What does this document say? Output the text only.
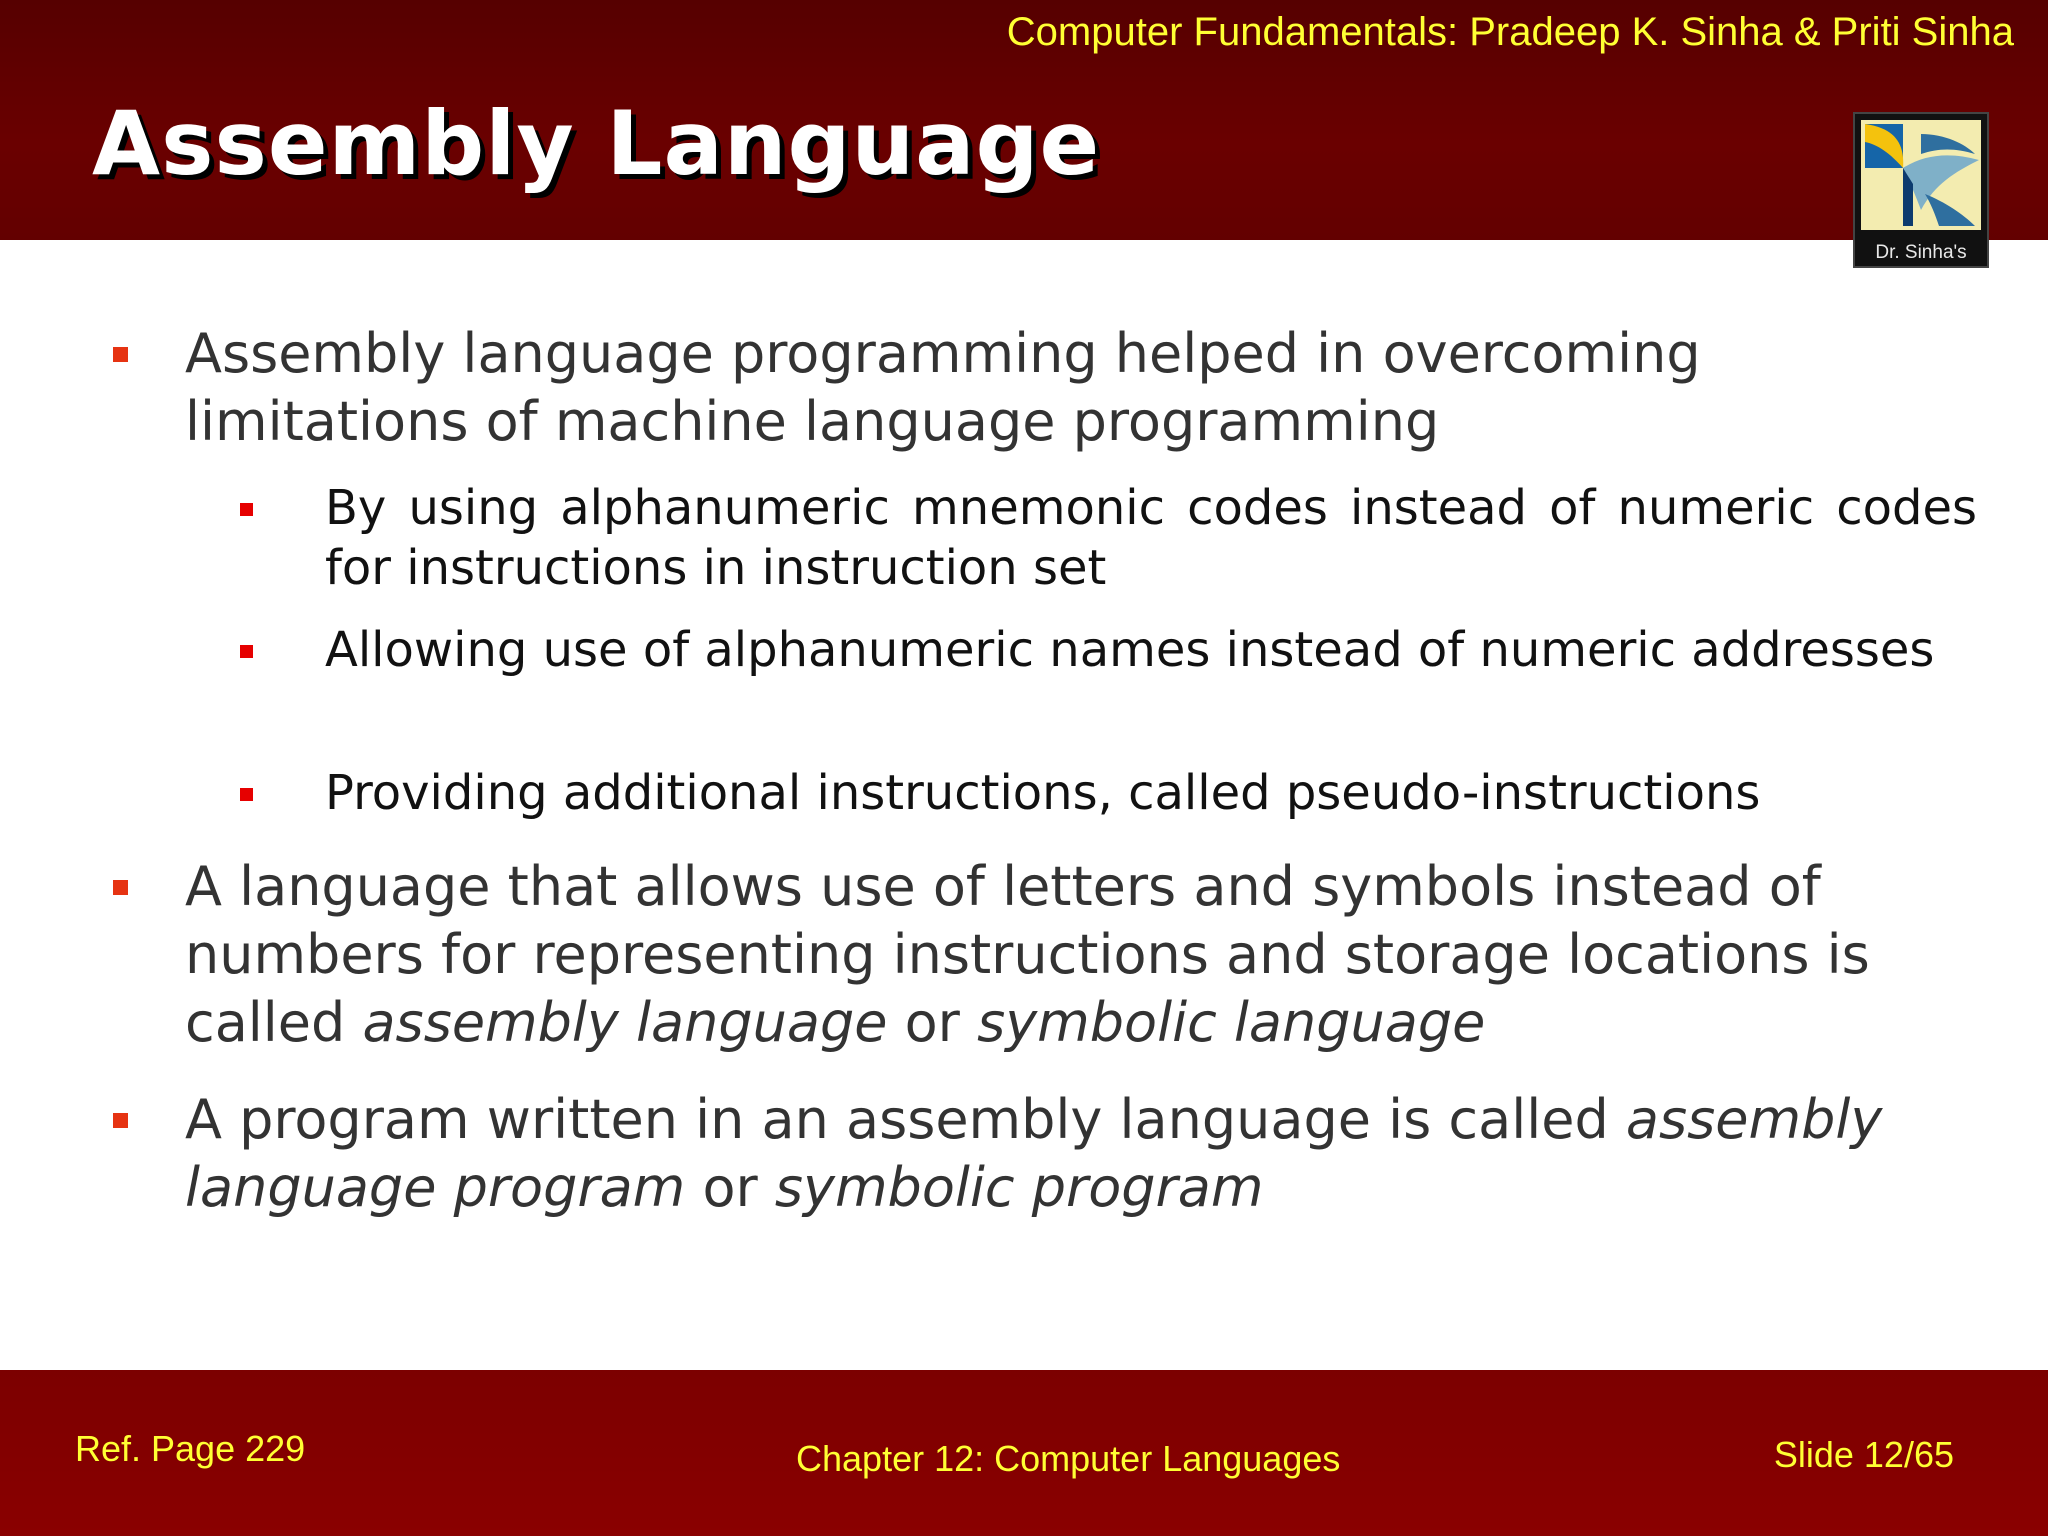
Computer Fundamentals: Pradeep K. Sinha & Priti Sinha
Assembly Language
Dr. Sinha's
Assembly language programming helped in overcoming limitations of machine language programming
By using alphanumeric mnemonic codes instead of numeric codes for instructions in instruction set
Allowing use of alphanumeric names instead of numeric addresses
Providing additional instructions, called pseudo-instructions
A language that allows use of letters and symbols instead of numbers for representing instructions and storage locations is called assembly language or symbolic language
A program written in an assembly language is called assembly language program or symbolic program
Ref. Page 229	Chapter 12: Computer Languages	Slide 12/65
